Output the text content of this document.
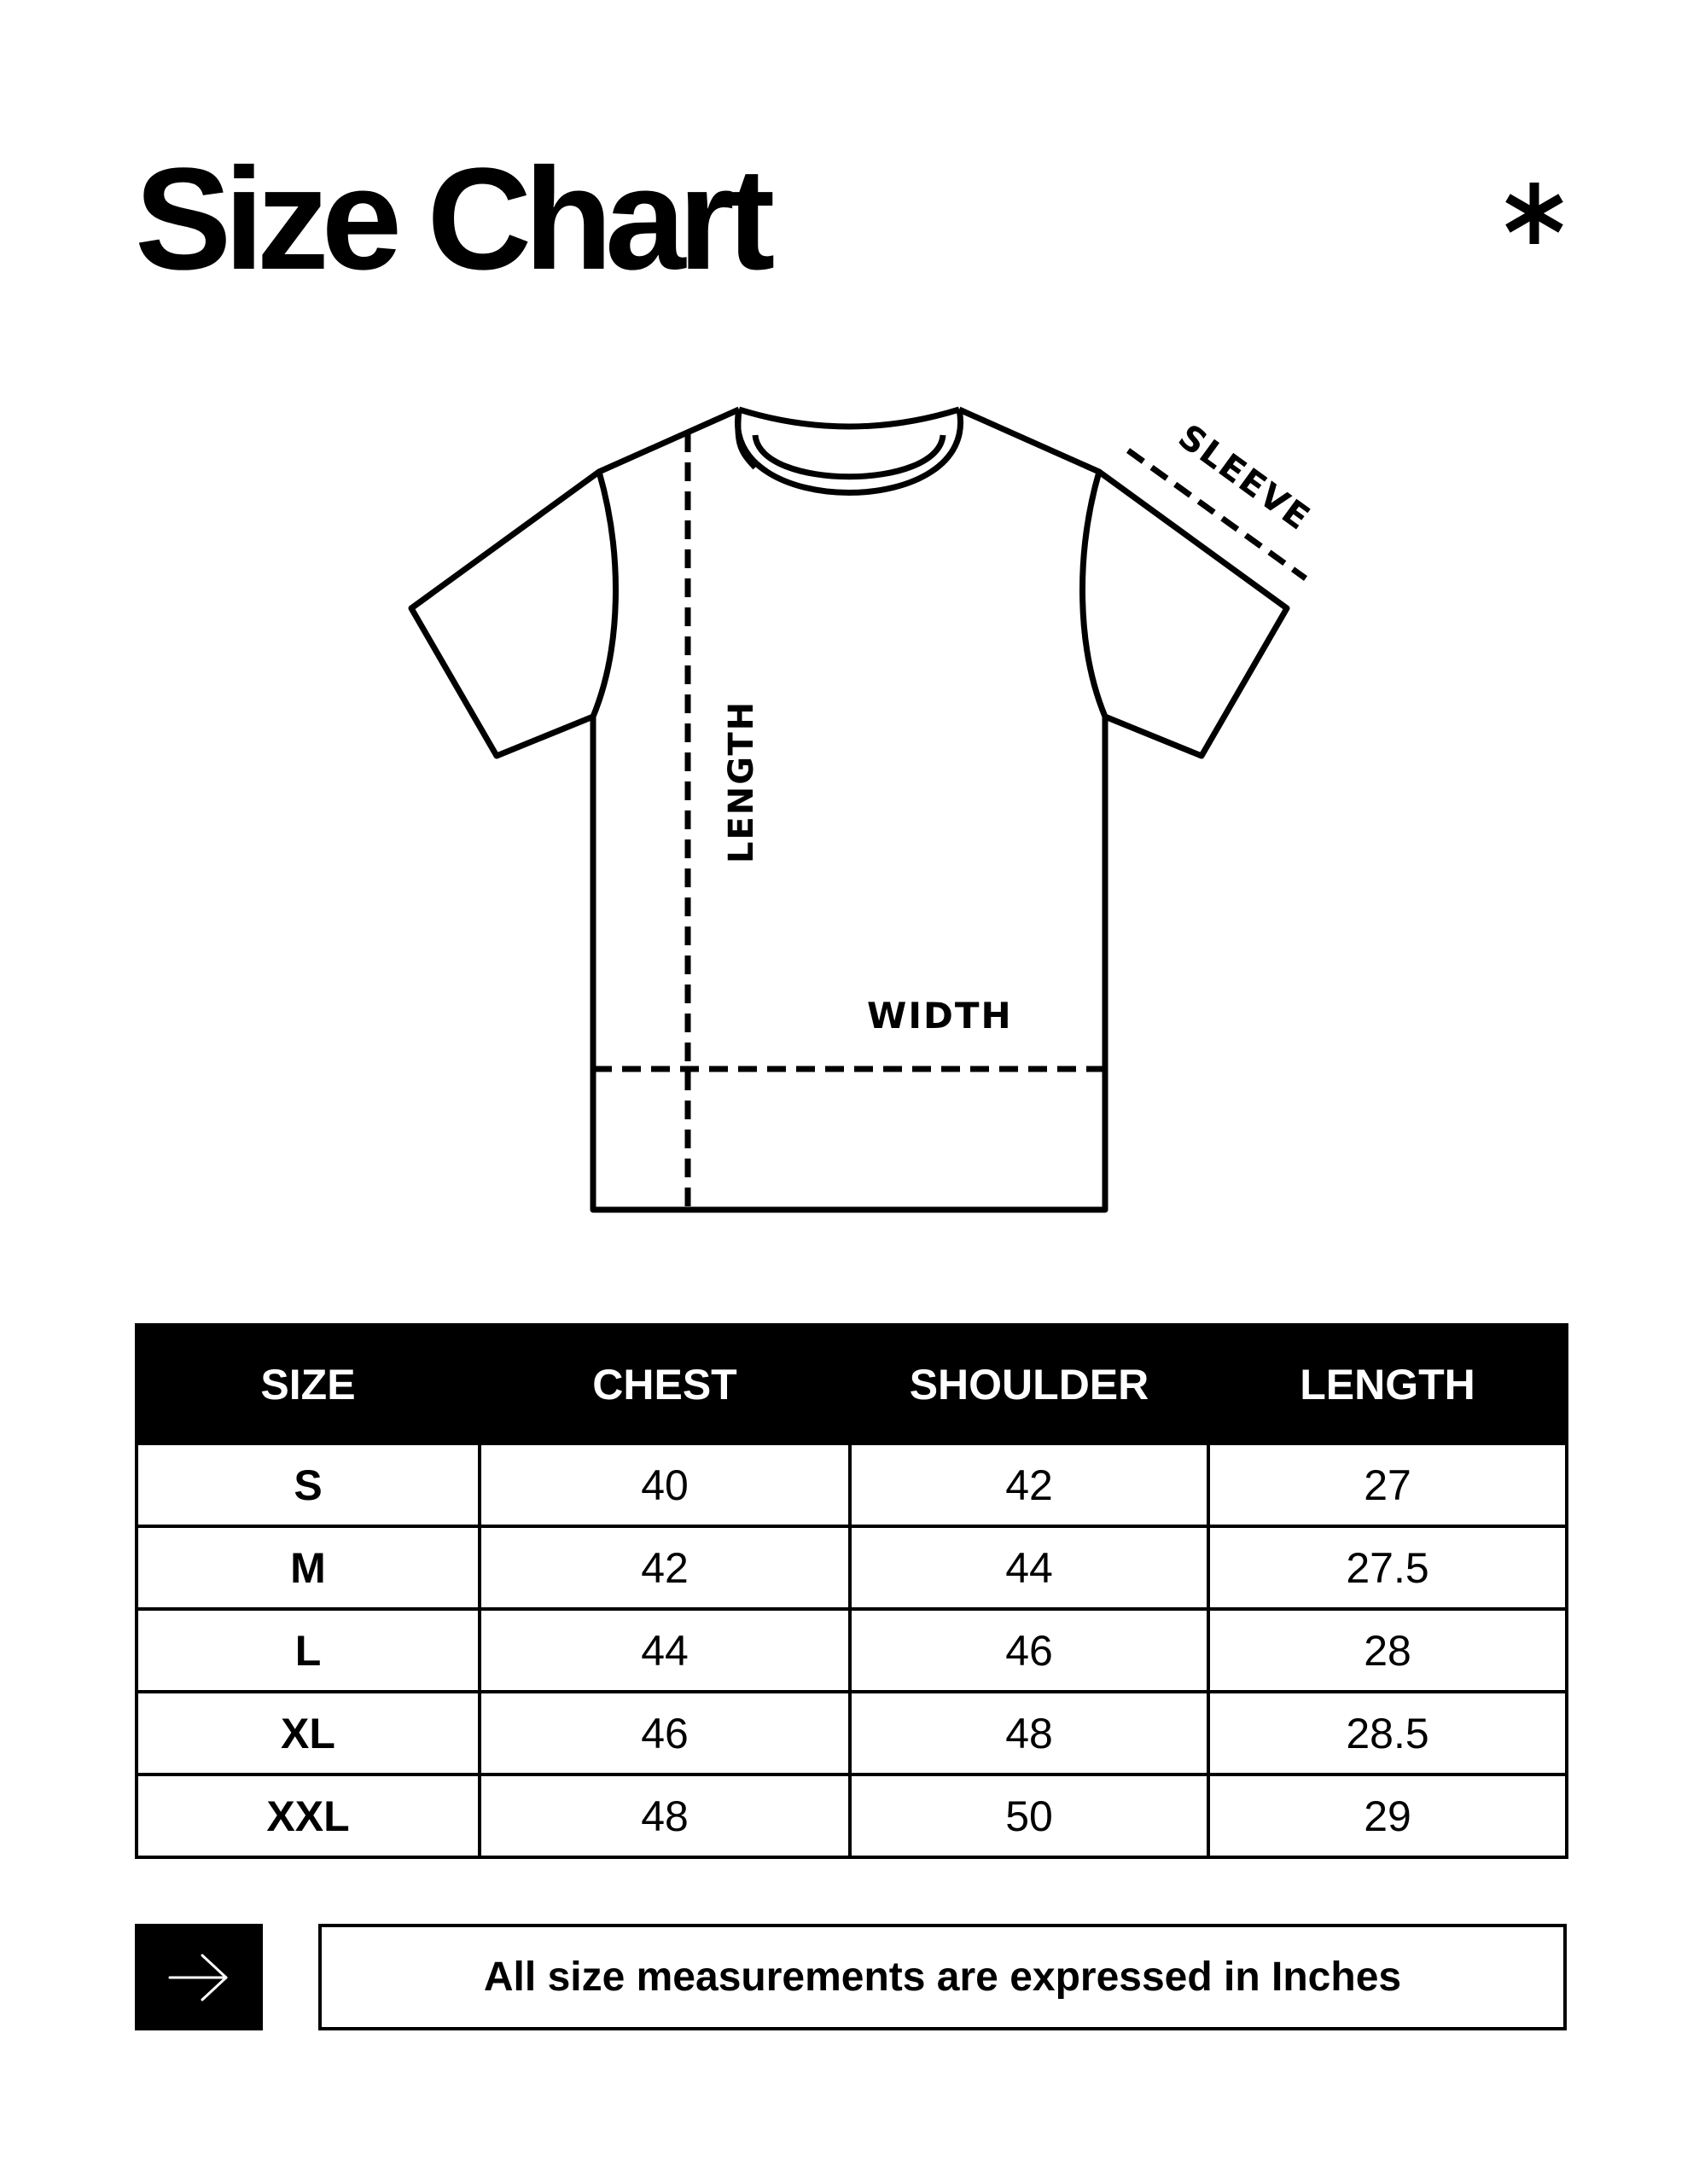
Size Chart
SLEEVE
LENGTH
WIDTH
SIZE	CHEST	SHOULDER	LENGTH
S	40	42	27
M	42	44	27.5
L	44	46	28
XL	46	48	28.5
XXL	48	50	29
All size measurements are expressed in Inches
